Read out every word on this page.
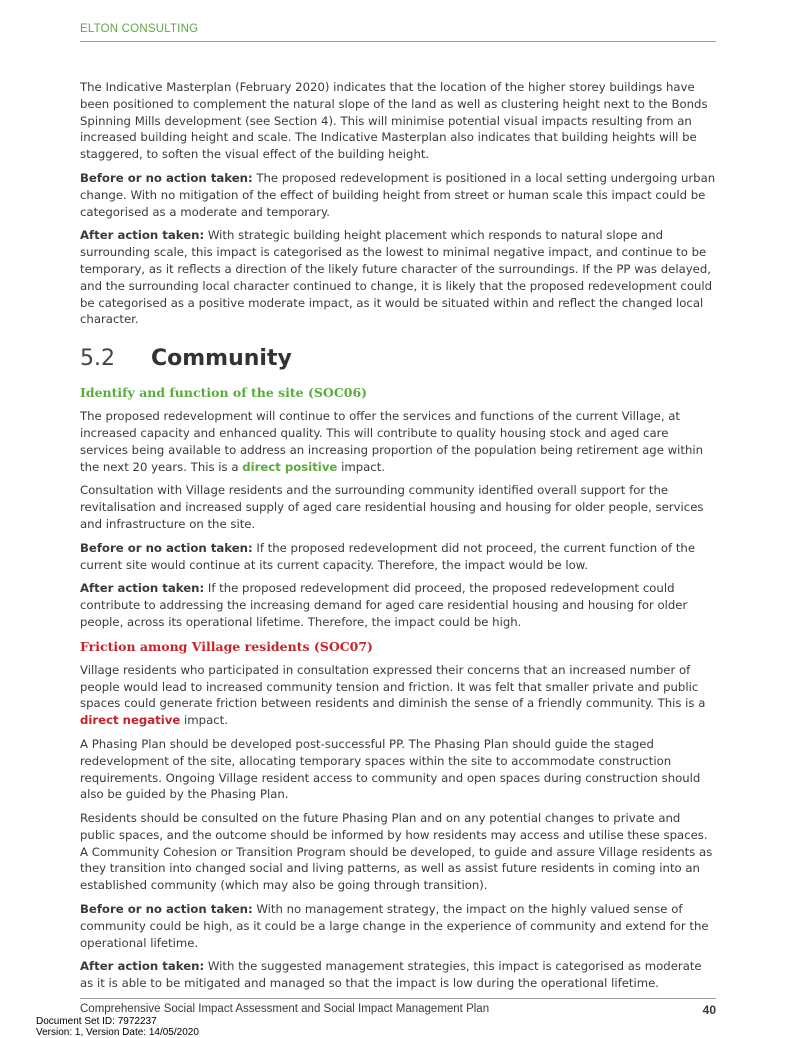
ELTON CONSULTING

The Indicative Masterplan (February 2020) indicates that the location of the higher storey buildings have been positioned to complement the natural slope of the land as well as clustering height next to the Bonds Spinning Mills development (see Section 4). This will minimise potential visual impacts resulting from an increased building height and scale. The Indicative Masterplan also indicates that building heights will be staggered, to soften the visual effect of the building height.

Before or no action taken: The proposed redevelopment is positioned in a local setting undergoing urban change. With no mitigation of the effect of building height from street or human scale this impact could be categorised as a moderate and temporary.

After action taken: With strategic building height placement which responds to natural slope and surrounding scale, this impact is categorised as the lowest to minimal negative impact, and continue to be temporary, as it reflects a direction of the likely future character of the surroundings. If the PP was delayed, and the surrounding local character continued to change, it is likely that the proposed redevelopment could be categorised as a positive moderate impact, as it would be situated within and reflect the changed local character.

5.2 Community
Identify and function of the site (SOC06)

The proposed redevelopment will continue to offer the services and functions of the current Village, at increased capacity and enhanced quality. This will contribute to quality housing stock and aged care services being available to address an increasing proportion of the population being retirement age within the next 20 years. This is a direct positive impact.

Consultation with Village residents and the surrounding community identified overall support for the revitalisation and increased supply of aged care residential housing and housing for older people, services and infrastructure on the site.

Before or no action taken: If the proposed redevelopment did not proceed, the current function of the current site would continue at its current capacity. Therefore, the impact would be low.

After action taken: If the proposed redevelopment did proceed, the proposed redevelopment could contribute to addressing the increasing demand for aged care residential housing and housing for older people, across its operational lifetime. Therefore, the impact could be high.

Friction among Village residents (SOC07)

Village residents who participated in consultation expressed their concerns that an increased number of people would lead to increased community tension and friction. It was felt that smaller private and public spaces could generate friction between residents and diminish the sense of a friendly community. This is a direct negative impact.

A Phasing Plan should be developed post-successful PP. The Phasing Plan should guide the staged redevelopment of the site, allocating temporary spaces within the site to accommodate construction requirements. Ongoing Village resident access to community and open spaces during construction should also be guided by the Phasing Plan.

Residents should be consulted on the future Phasing Plan and on any potential changes to private and public spaces, and the outcome should be informed by how residents may access and utilise these spaces. A Community Cohesion or Transition Program should be developed, to guide and assure Village residents as they transition into changed social and living patterns, as well as assist future residents in coming into an established community (which may also be going through transition).

Before or no action taken: With no management strategy, the impact on the highly valued sense of community could be high, as it could be a large change in the experience of community and extend for the operational lifetime.

After action taken: With the suggested management strategies, this impact is categorised as moderate as it is able to be mitigated and managed so that the impact is low during the operational lifetime.

Comprehensive Social Impact Assessment and Social Impact Management Plan	40
Document Set ID: 7972237
Version: 1, Version Date: 14/05/2020
